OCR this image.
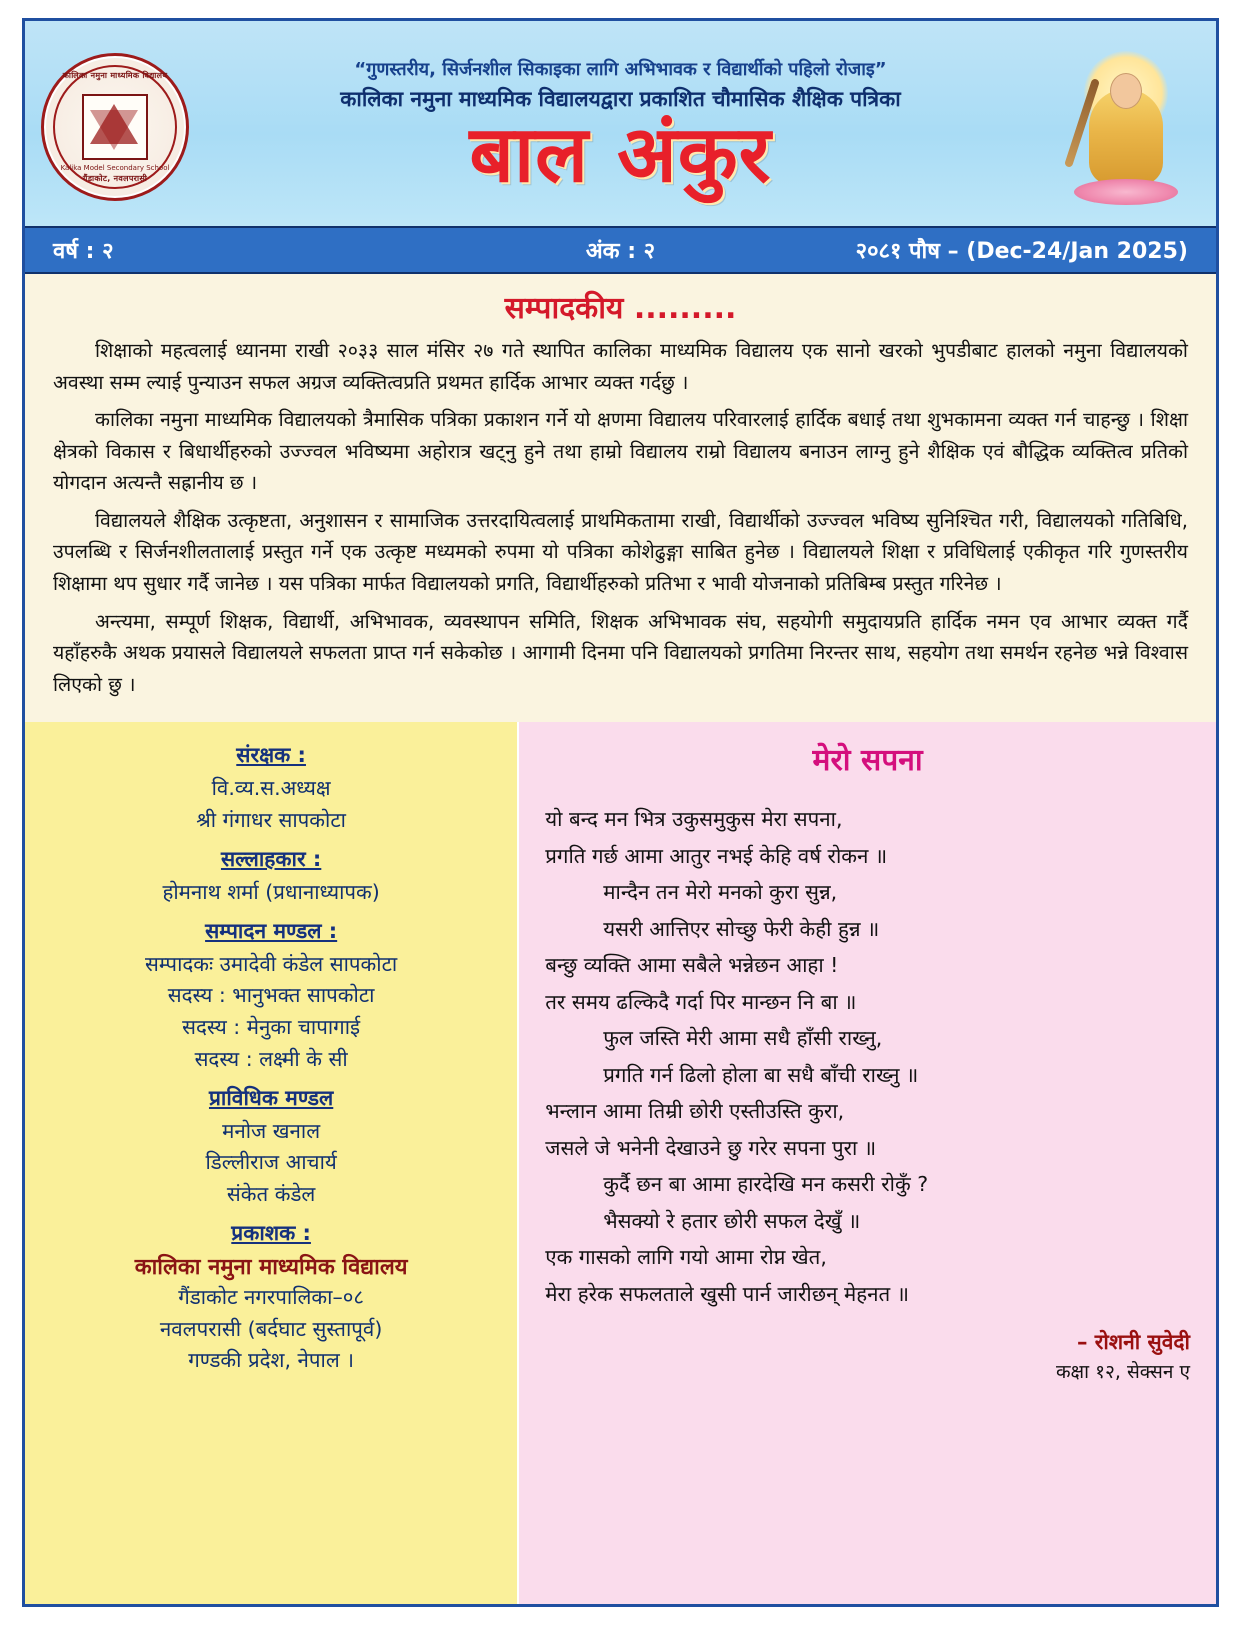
कालिका नमुना माध्यमिक विद्यालय
Kalika Model Secondary School
गैंडाकोट, नवलपरासी
“गुणस्तरीय, सिर्जनशील सिकाइका लागि अभिभावक र विद्यार्थीको पहिलो रोजाइ”
कालिका नमुना माध्यमिक विद्यालयद्वारा प्रकाशित चौमासिक शैक्षिक पत्रिका
बाल अंकुर
वर्ष : २	अंक : २	२०८१ पौष – (Dec-24/Jan 2025)
सम्पादकीय .........

शिक्षाको महत्वलाई ध्यानमा राखी २०३३ साल मंसिर २७ गते स्थापित कालिका माध्यमिक विद्यालय एक सानो खरको भुपडीबाट हालको नमुना विद्यालयको अवस्था सम्म ल्याई पुन्याउन सफल अग्रज व्यक्तित्वप्रति प्रथमत हार्दिक आभार व्यक्त गर्दछु ।

कालिका नमुना माध्यमिक विद्यालयको त्रैमासिक पत्रिका प्रकाशन गर्ने यो क्षणमा विद्यालय परिवारलाई हार्दिक बधाई तथा शुभकामना व्यक्त गर्न चाहन्छु । शिक्षा क्षेत्रको विकास र बिधार्थीहरुको उज्ज्वल भविष्यमा अहोरात्र खट्नु हुने तथा हाम्रो विद्यालय राम्रो विद्यालय बनाउन लाग्नु हुने शैक्षिक एवं बौद्धिक व्यक्तित्व प्रतिको योगदान अत्यन्तै सह्रानीय छ ।

विद्यालयले शैक्षिक उत्कृष्टता, अनुशासन र सामाजिक उत्तरदायित्वलाई प्राथमिकतामा राखी, विद्यार्थीको उज्ज्वल भविष्य सुनिश्चित गरी, विद्यालयको गतिबिधि, उपलब्धि र सिर्जनशीलतालाई प्रस्तुत गर्ने एक उत्कृष्ट मध्यमको रुपमा यो पत्रिका कोशेढुङ्गा साबित हुनेछ । विद्यालयले शिक्षा र प्रविधिलाई एकीकृत गरि गुणस्तरीय शिक्षामा थप सुधार गर्दै जानेछ । यस पत्रिका मार्फत विद्यालयको प्रगति, विद्यार्थीहरुको प्रतिभा र भावी योजनाको प्रतिबिम्ब प्रस्तुत गरिनेछ ।

अन्त्यमा, सम्पूर्ण शिक्षक, विद्यार्थी, अभिभावक, व्यवस्थापन समिति, शिक्षक अभिभावक संघ, सहयोगी समुदायप्रति हार्दिक नमन एव आभार व्यक्त गर्दै यहाँहरुकै अथक प्रयासले विद्यालयले सफलता प्राप्त गर्न सकेकोछ । आगामी दिनमा पनि विद्यालयको प्रगतिमा निरन्तर साथ, सहयोग तथा समर्थन रहनेछ भन्ने विश्वास लिएको छु ।

संरक्षक :
वि.व्य.स.अध्यक्ष
श्री गंगाधर सापकोटा
सल्लाहकार :
होमनाथ शर्मा (प्रधानाध्यापक)
सम्पादन मण्डल :
सम्पादकः उमादेवी कंडेल सापकोटा
सदस्य : भानुभक्त सापकोटा
सदस्य : मेनुका चापागाई
सदस्य : लक्ष्मी के सी
प्राविधिक मण्डल
मनोज खनाल
डिल्लीराज आचार्य
संकेत कंडेल
प्रकाशक :
कालिका नमुना माध्यमिक विद्यालय
गैंडाकोट नगरपालिका–०८
नवलपरासी (बर्दघाट सुस्तापूर्व)
गण्डकी प्रदेश, नेपाल ।
मेरो सपना
यो बन्द मन भित्र उकुसमुकुस मेरा सपना,
प्रगति गर्छ आमा आतुर नभई केहि वर्ष रोकन ॥
मान्दैन तन मेरो मनको कुरा सुन्न,
यसरी आत्तिएर सोच्छु फेरी केही हुन्न ॥
बन्छु व्यक्ति आमा सबैले भन्नेछन आहा !
तर समय ढल्किदै गर्दा पिर मान्छन नि बा ॥
फुल जस्ति मेरी आमा सधै हाँसी राख्नु,
प्रगति गर्न ढिलो होला बा सधै बाँची राख्नु ॥
भन्लान आमा तिम्री छोरी एस्तीउस्ति कुरा,
जसले जे भनेनी देखाउने छु गरेर सपना पुरा ॥
कुर्दै छन बा आमा हारदेखि मन कसरी रोकुँ ?
भैसक्यो रे हतार छोरी सफल देखुँ ॥
एक गासको लागि गयो आमा रोप्न खेत,
मेरा हरेक सफलताले खुसी पार्न जारीछन् मेहनत ॥
– रोशनी सुवेदी
कक्षा १२, सेक्सन ए
